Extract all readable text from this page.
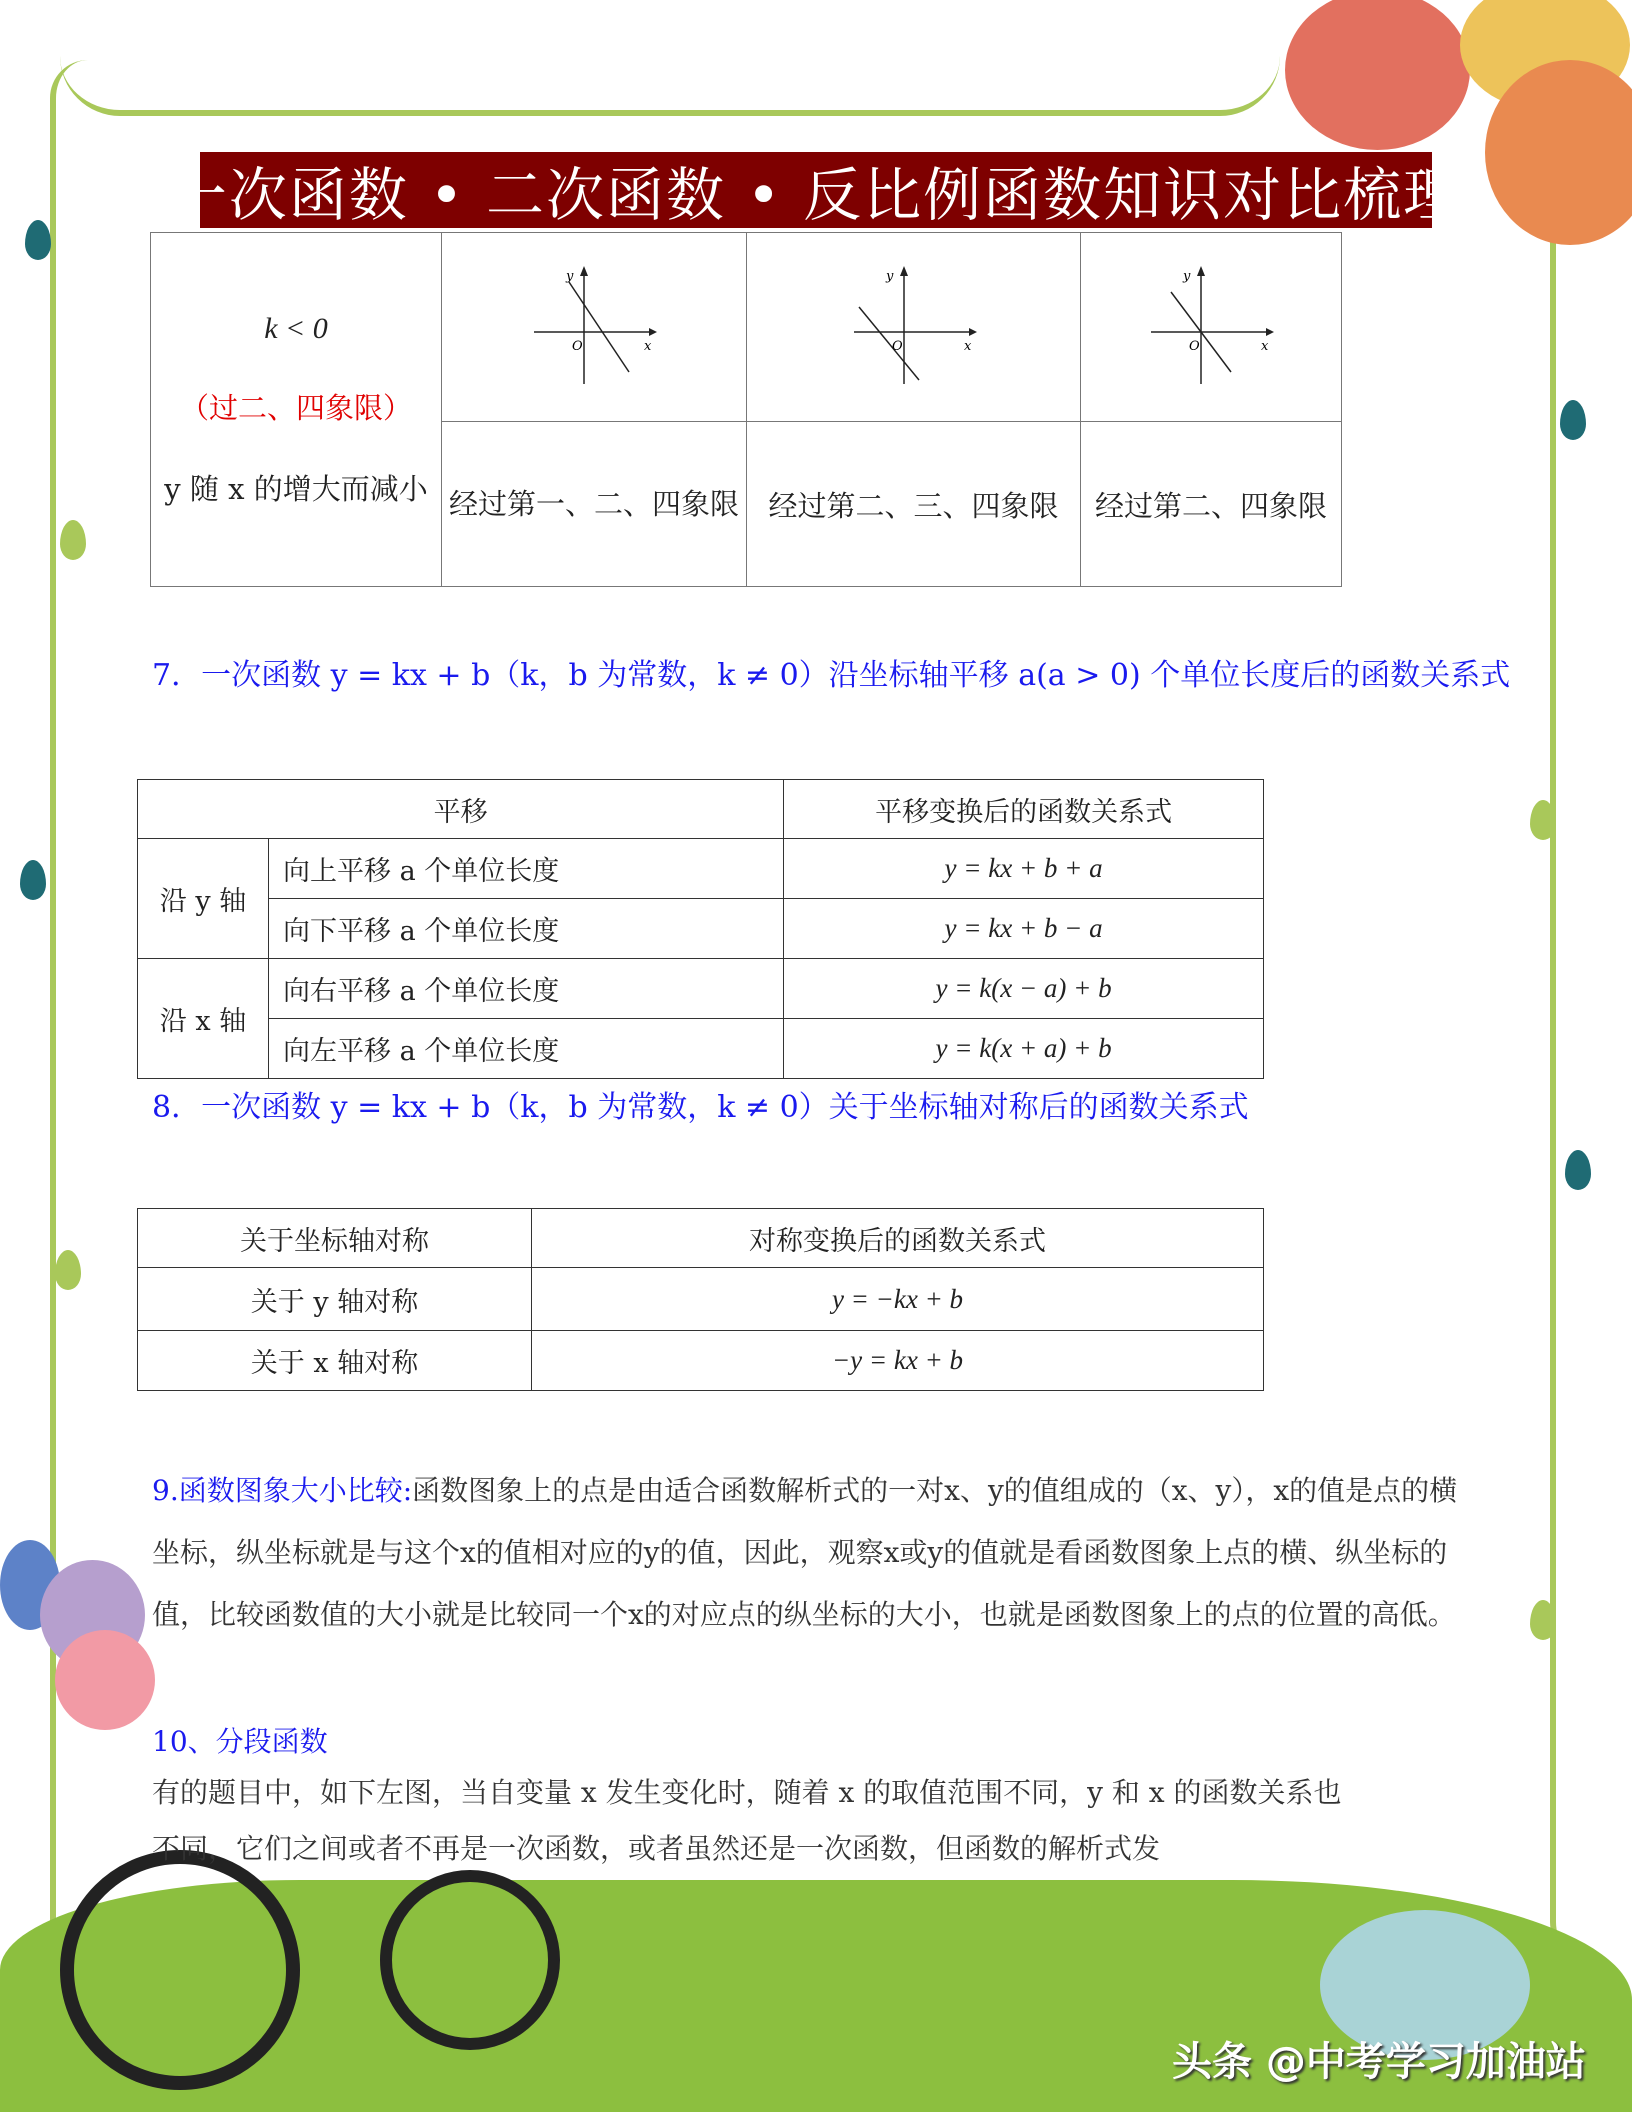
一次函数 • 二次函数 • 反比例函数知识对比梳理
k < 0
（过二、四象限）
y 随 x 的增大而减小

y
x
O

y
x
O

y
x
O

	经过第一、二、四象限	经过第二、三、四象限	经过第二、四象限
7．一次函数 y = kx + b（k，b 为常数，k ≠ 0）沿坐标轴平移 a(a > 0) 个单位长度后的函数关系式
平移		平移变换后的函数关系式
沿 y 轴	向上平移 a 个单位长度	y = kx + b + a
	向下平移 a 个单位长度	y = kx + b − a
沿 x 轴	向右平移 a 个单位长度	y = k(x − a) + b
	向左平移 a 个单位长度	y = k(x + a) + b
8．一次函数 y = kx + b（k，b 为常数，k ≠ 0）关于坐标轴对称后的函数关系式
关于坐标轴对称	对称变换后的函数关系式
关于 y 轴对称	y = −kx + b
关于 x 轴对称	−y = kx + b
9.函数图象大小比较:函数图象上的点是由适合函数解析式的一对x、y的值组成的（x、y），x的值是点的横坐标，纵坐标就是与这个x的值相对应的y的值，因此，观察x或y的值就是看函数图象上点的横、纵坐标的值，比较函数值的大小就是比较同一个x的对应点的纵坐标的大小，也就是函数图象上的点的位置的高低。
10、分段函数
有的题目中，如下左图，当自变量 x 发生变化时，随着 x 的取值范围不同，y 和 x 的函数关系也不同，它们之间或者不再是一次函数，或者虽然还是一次函数，但函数的解析式发
头条 @中考学习加油站
